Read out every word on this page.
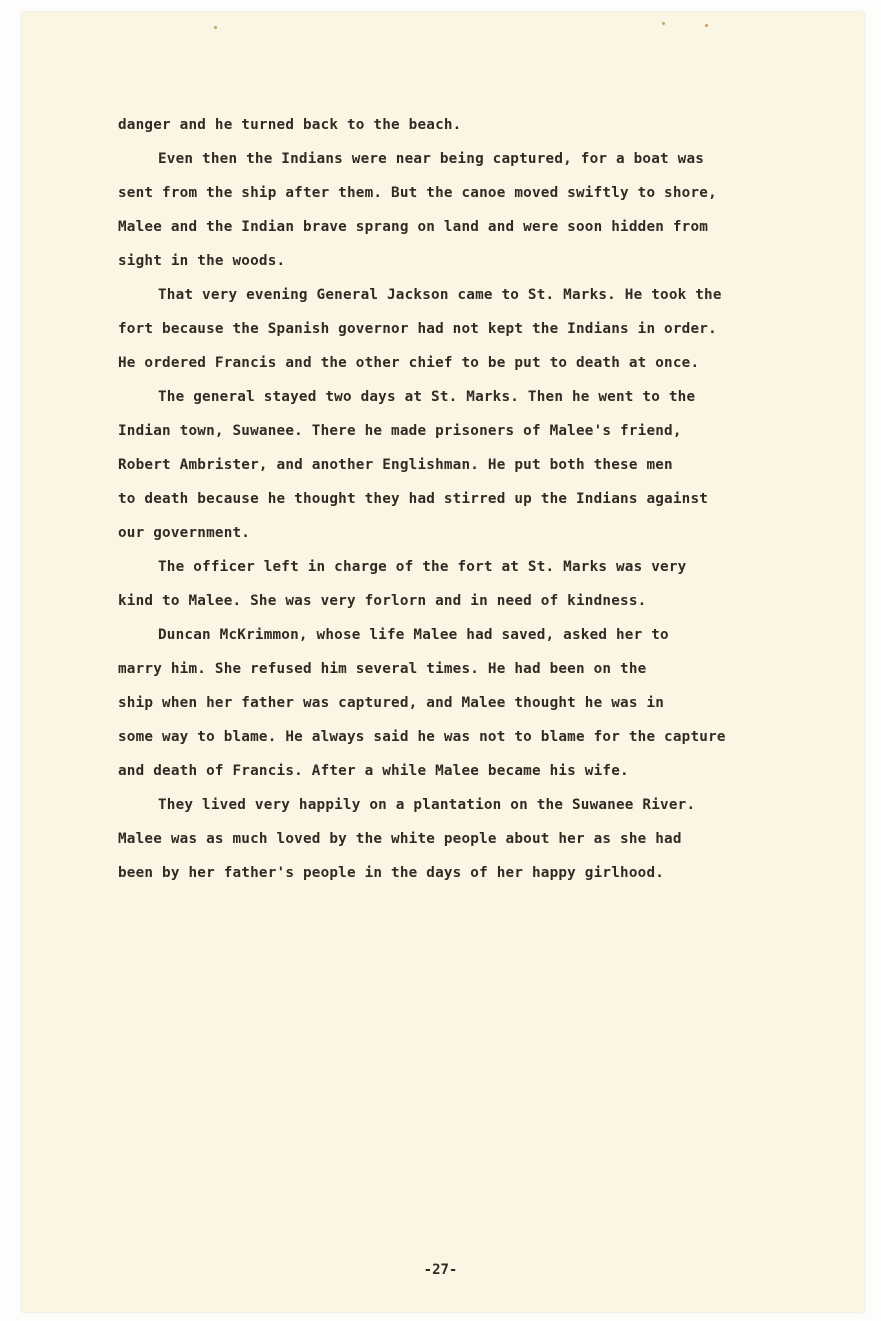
danger and he turned back to the beach.
Even then the Indians were near being captured, for a boat was
sent from the ship after them. But the canoe moved swiftly to shore,
Malee and the Indian brave sprang on land and were soon hidden from
sight in the woods.
That very evening General Jackson came to St. Marks. He took the
fort because the Spanish governor had not kept the Indians in order.
He ordered Francis and the other chief to be put to death at once.
The general stayed two days at St. Marks. Then he went to the
Indian town, Suwanee. There he made prisoners of Malee's friend,
Robert Ambrister, and another Englishman. He put both these men
to death because he thought they had stirred up the Indians against
our government.
The officer left in charge of the fort at St. Marks was very
kind to Malee. She was very forlorn and in need of kindness.
Duncan McKrimmon, whose life Malee had saved, asked her to
marry him. She refused him several times. He had been on the
ship when her father was captured, and Malee thought he was in
some way to blame. He always said he was not to blame for the capture
and death of Francis. After a while Malee became his wife.
They lived very happily on a plantation on the Suwanee River.
Malee was as much loved by the white people about her as she had
been by her father's people in the days of her happy girlhood.
-27-
